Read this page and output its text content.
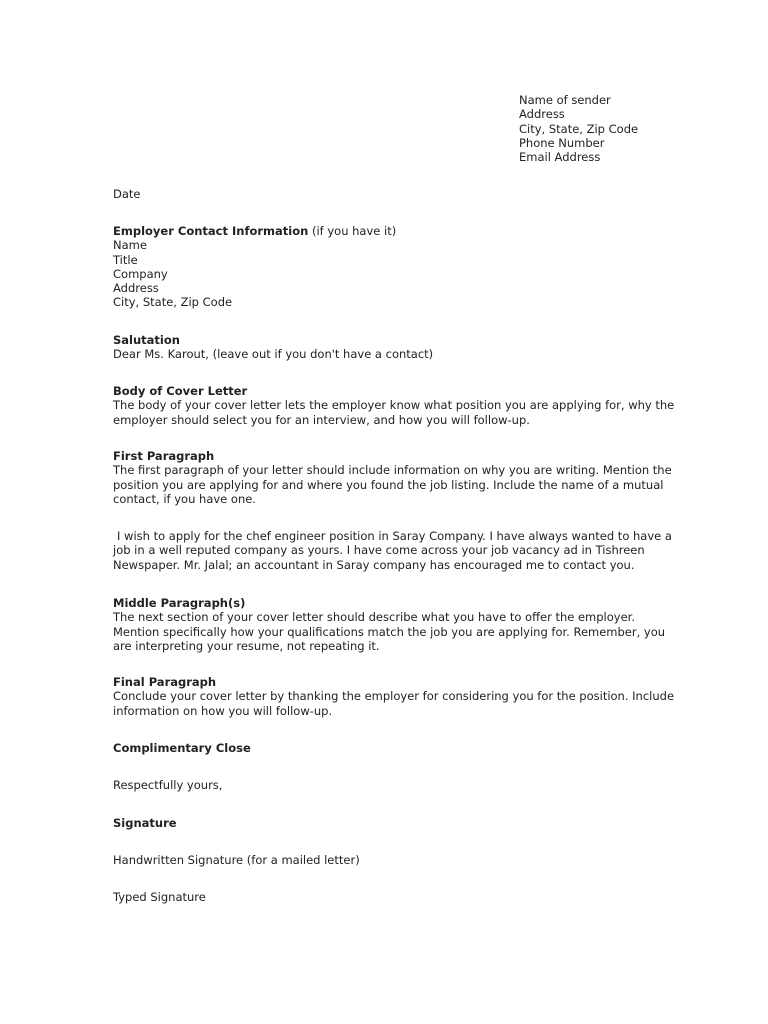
Name of sender
Address
City, State, Zip Code
Phone Number
Email Address
Date
Employer Contact Information (if you have it)
Name
Title
Company
Address
City, State, Zip Code
Salutation
Dear Ms. Karout, (leave out if you don't have a contact)
Body of Cover Letter
The body of your cover letter lets the employer know what position you are applying for, why the employer should select you for an interview, and how you will follow-up.
First Paragraph
The first paragraph of your letter should include information on why you are writing. Mention the position you are applying for and where you found the job listing. Include the name of a mutual contact, if you have one.
I wish to apply for the chef engineer position in Saray Company. I have always wanted to have a job in a well reputed company as yours. I have come across your job vacancy ad in Tishreen Newspaper. Mr. Jalal; an accountant in Saray company has encouraged me to contact you.
Middle Paragraph(s)
The next section of your cover letter should describe what you have to offer the employer. Mention specifically how your qualifications match the job you are applying for. Remember, you are interpreting your resume, not repeating it.
Final Paragraph
Conclude your cover letter by thanking the employer for considering you for the position. Include information on how you will follow-up.
Complimentary Close
Respectfully yours,
Signature
Handwritten Signature (for a mailed letter)
Typed Signature
